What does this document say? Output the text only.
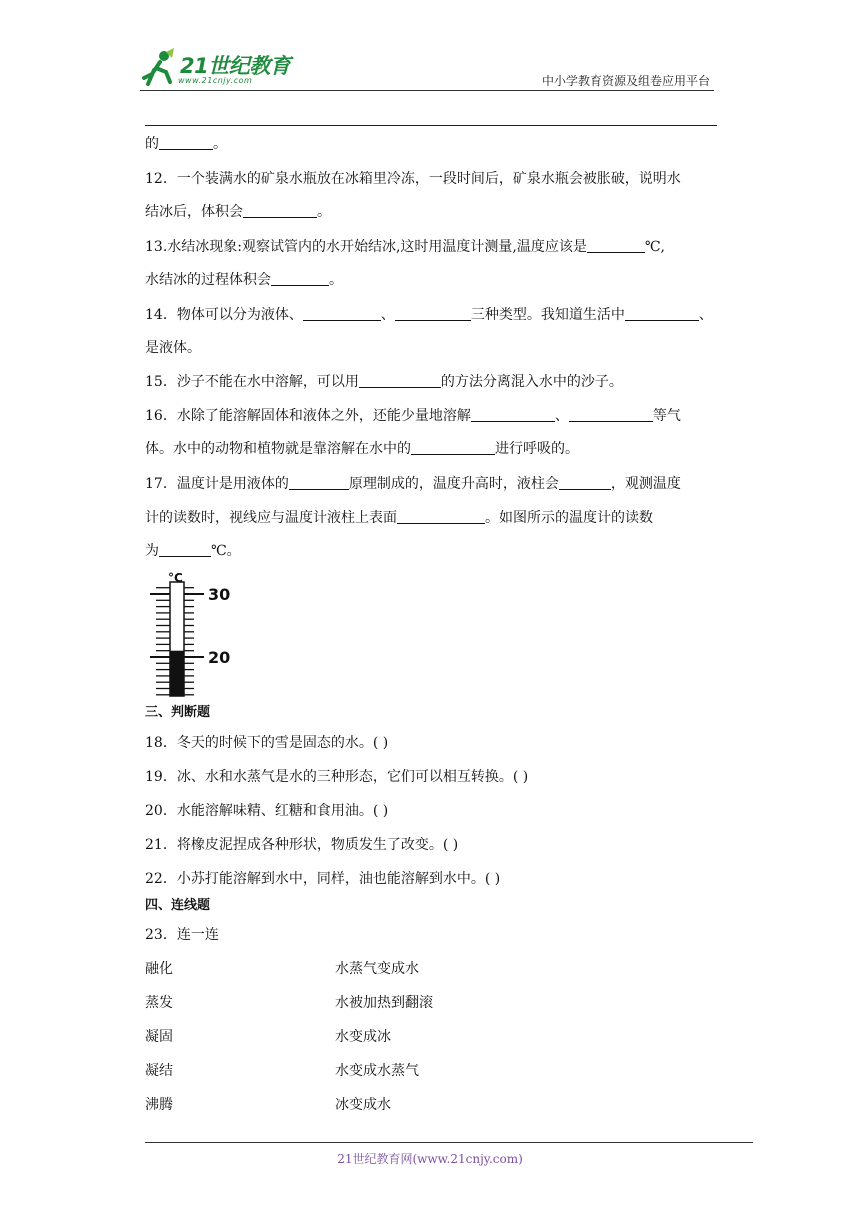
21世纪教育
www.21cnjy.com	中小学教育资源及组卷应用平台
的	。
12．一个装满水的矿泉水瓶放在冰箱里冷冻，一段时间后，矿泉水瓶会被胀破，说明水
结冰后，体积会	。
13.水结冰现象:观察试管内的水开始结冰,这时用温度计测量,温度应该是	℃,
水结冰的过程体积会	。
14．物体可以分为液体、	、	三种类型。我知道生活中	、
是液体。
15．沙子不能在水中溶解，可以用	的方法分离混入水中的沙子。
16．水除了能溶解固体和液体之外，还能少量地溶解	、	等气
体。水中的动物和植物就是靠溶解在水中的	进行呼吸的。
17．温度计是用液体的	原理制成的，温度升高时，液柱会	，观测温度
计的读数时，视线应与温度计液柱上表面	。如图所示的温度计的读数
为	℃。
°C
30
20
三、判断题
18．冬天的时候下的雪是固态的水。( )
19．冰、水和水蒸气是水的三种形态，它们可以相互转换。( )
20．水能溶解味精、红糖和食用油。( )
21．将橡皮泥捏成各种形状，物质发生了改变。( )
22．小苏打能溶解到水中，同样，油也能溶解到水中。( )
四、连线题
23．连一连
融化	水蒸气变成水
蒸发	水被加热到翻滚
凝固	水变成冰
凝结	水变成水蒸气
沸腾	冰变成水
21世纪教育网(www.21cnjy.com)
